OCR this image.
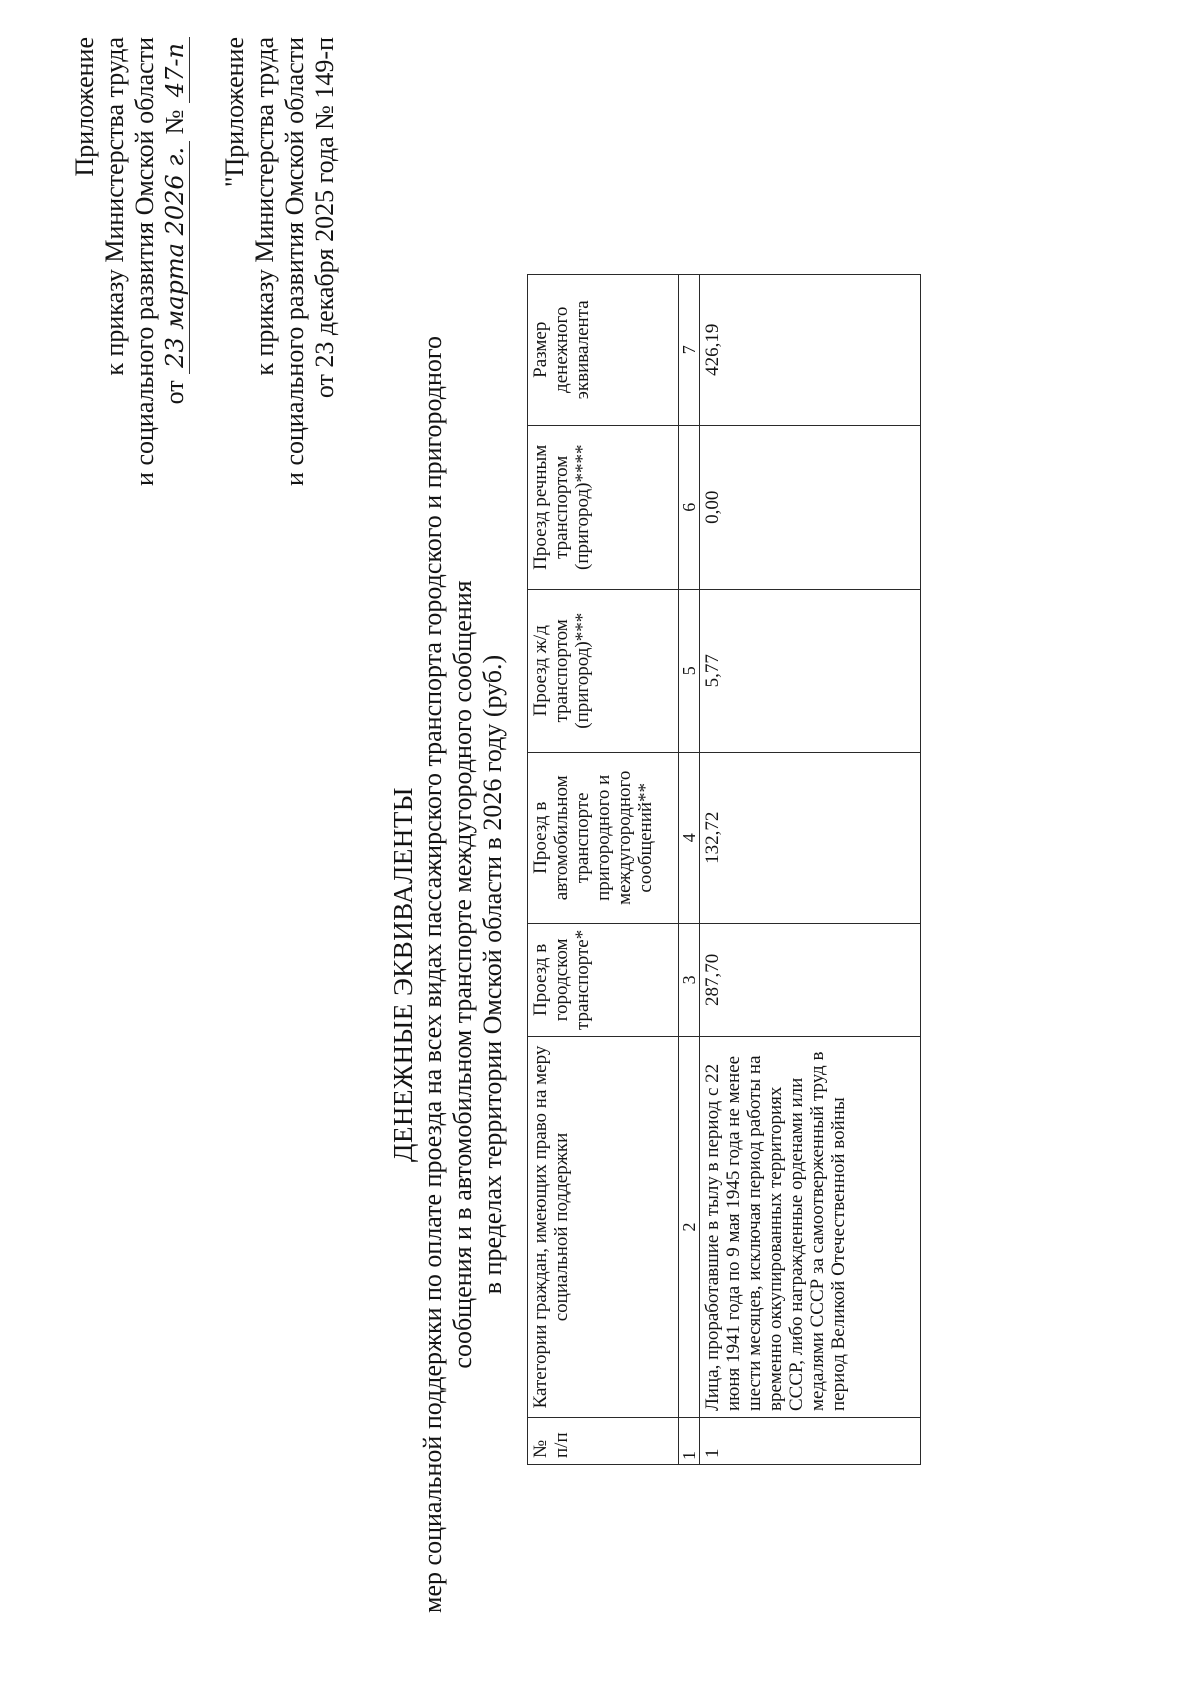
Приложение к приказу Министерства труда и социального развития Омской области от 23 марта 2026 г. № 47-п "Приложение к приказу Министерства труда и социального развития Омской области от 23 декабря 2025 года № 149-п
ДЕНЕЖНЫЕ ЭКВИВАЛЕНТЫ мер социальной поддержки по оплате проезда на всех видах пассажирского транспорта городского и пригородного сообщения и в автомобильном транспорте междугородного сообщения в пределах территории Омской области в 2026 году (руб.)
№ п/п	Категории граждан, имеющих право на меру социальной поддержки	Проезд в городском транспорте*	Проезд в автомобильном транспорте пригородного и междугородного сообщений**	Проезд ж/д транспортом (пригород)***	Проезд речным транспортом (пригород)****	Размер денежного эквивалента
1	2	3	4	5	6	7
1	Лица, проработавшие в тылу в период с 22 июня 1941 года по 9 мая 1945 года не менее шести месяцев, исключая период работы на временно оккупированных территориях СССР, либо награжденные орденами или медалями СССР за самоотверженный труд в период Великой Отечественной войны	287,70	132,72	5,77	0,00	426,19
